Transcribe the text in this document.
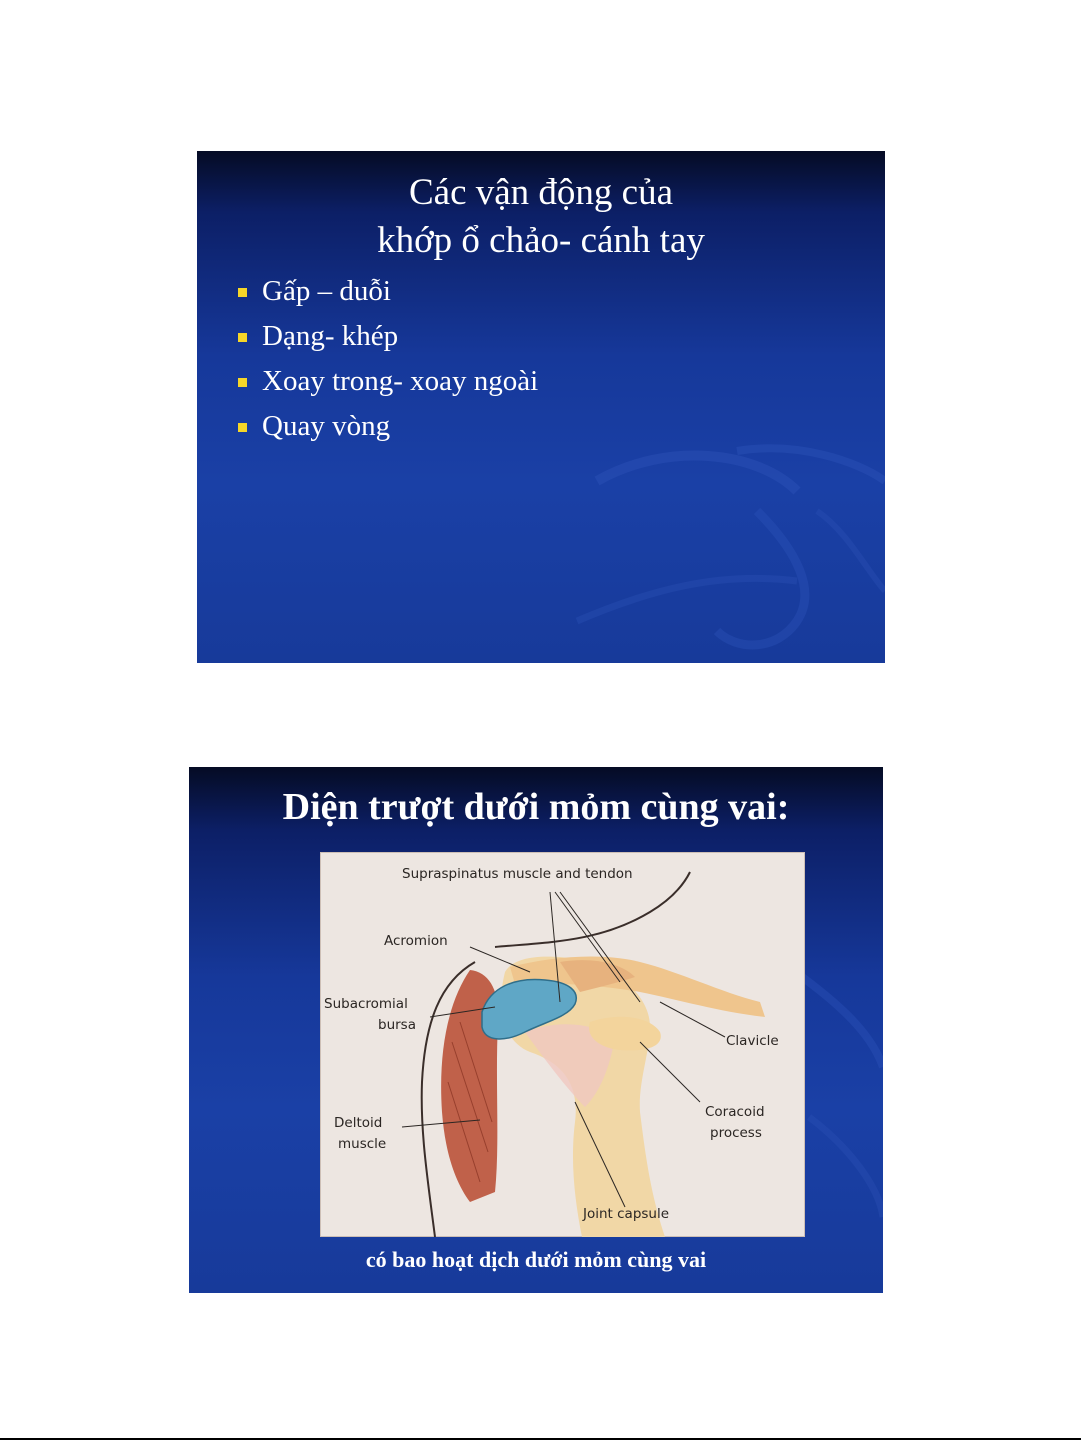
Các vận động của
khớp ổ chảo- cánh tay
Gấp – duỗi
Dạng- khép
Xoay trong- xoay ngoài
Quay vòng
Diện trượt dưới mỏm cùng vai:
Supraspinatus muscle and tendon
Acromion
Subacromial
bursa
Clavicle
Deltoid
muscle
Coracoid
process
Joint capsule
có bao hoạt dịch dưới mỏm cùng vai
